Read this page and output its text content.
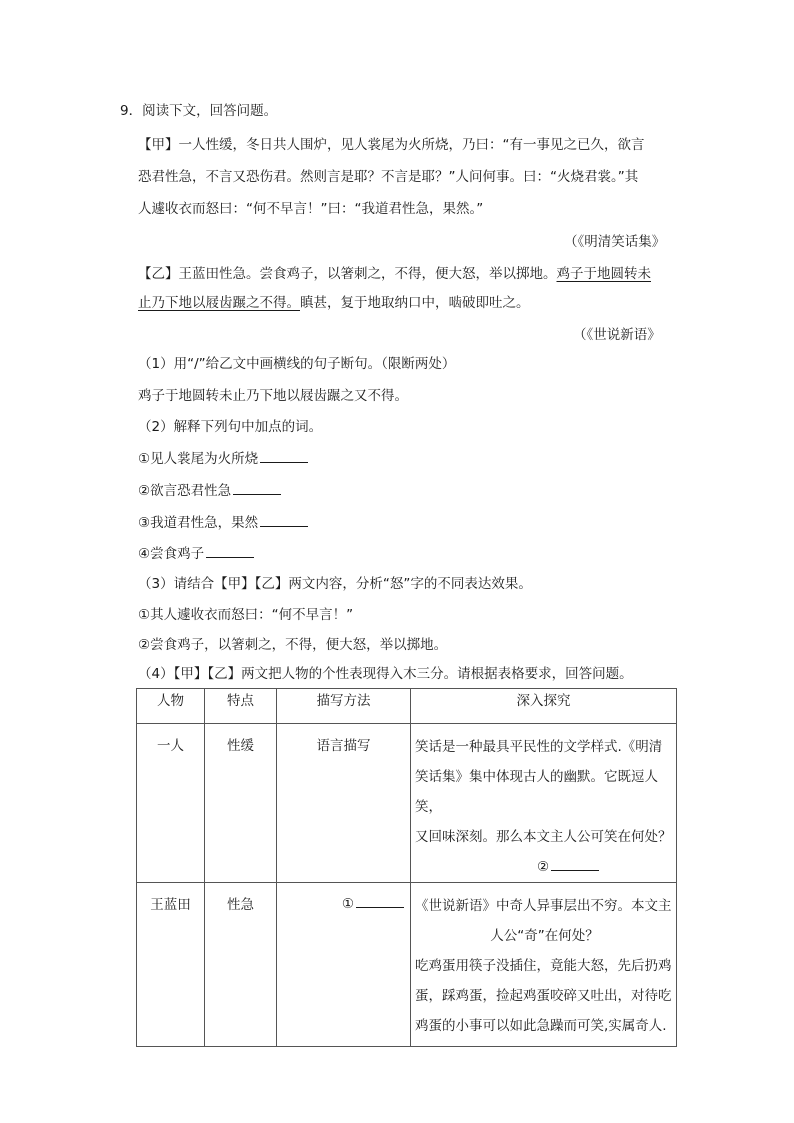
9．阅读下文，回答问题。
【甲】一人性缓，冬日共人围炉，见人裳尾为火所烧，乃曰：“有一事见之已久，欲言
恐君性急，不言又恐伤君。然则言是耶？不言是耶？”人问何事。曰：“火烧君裳。”其
人遽收衣而怒曰：“何不早言！”曰：“我道君性急，果然。”
（《明清笑话集》
【乙】王蓝田性急。尝食鸡子，以箸刺之，不得，便大怒，举以掷地。鸡子于地圆转未
止乃下地以屐齿蹍之不得。瞋甚，复于地取纳口中，啮破即吐之。
（《世说新语》
（1）用“/”给乙文中画横线的句子断句。（限断两处）
鸡子于地圆转未止乃下地以屐齿蹍之又不得。
（2）解释下列句中加点的词。
①见人裳尾为火所烧
②欲言恐君性急
③我道君性急，果然
④尝食鸡子
（3）请结合【甲】【乙】两文内容，分析“怒”字的不同表达效果。
①其人遽收衣而怒曰：“何不早言！”
②尝食鸡子，以箸刺之，不得，便大怒，举以掷地。
（4）【甲】【乙】两文把人物的个性表现得入木三分。请根据表格要求，回答问题。
人物	特点	描写方法	深入探究
一人	性缓	语言描写	笑话是一种最具平民性的文学样式.《明清
笑话集》集中体现古人的幽默。它既逗人笑，
又回味深刻。那么本文主人公可笑在何处？
②

王蓝田	性急	①	《世说新语》中奇人异事层出不穷。本文主
人公“奇”在何处？
吃鸡蛋用筷子没插住，竟能大怒，先后扔鸡
蛋，踩鸡蛋，捡起鸡蛋咬碎又吐出，对待吃
鸡蛋的小事可以如此急躁而可笑,实属奇人.
